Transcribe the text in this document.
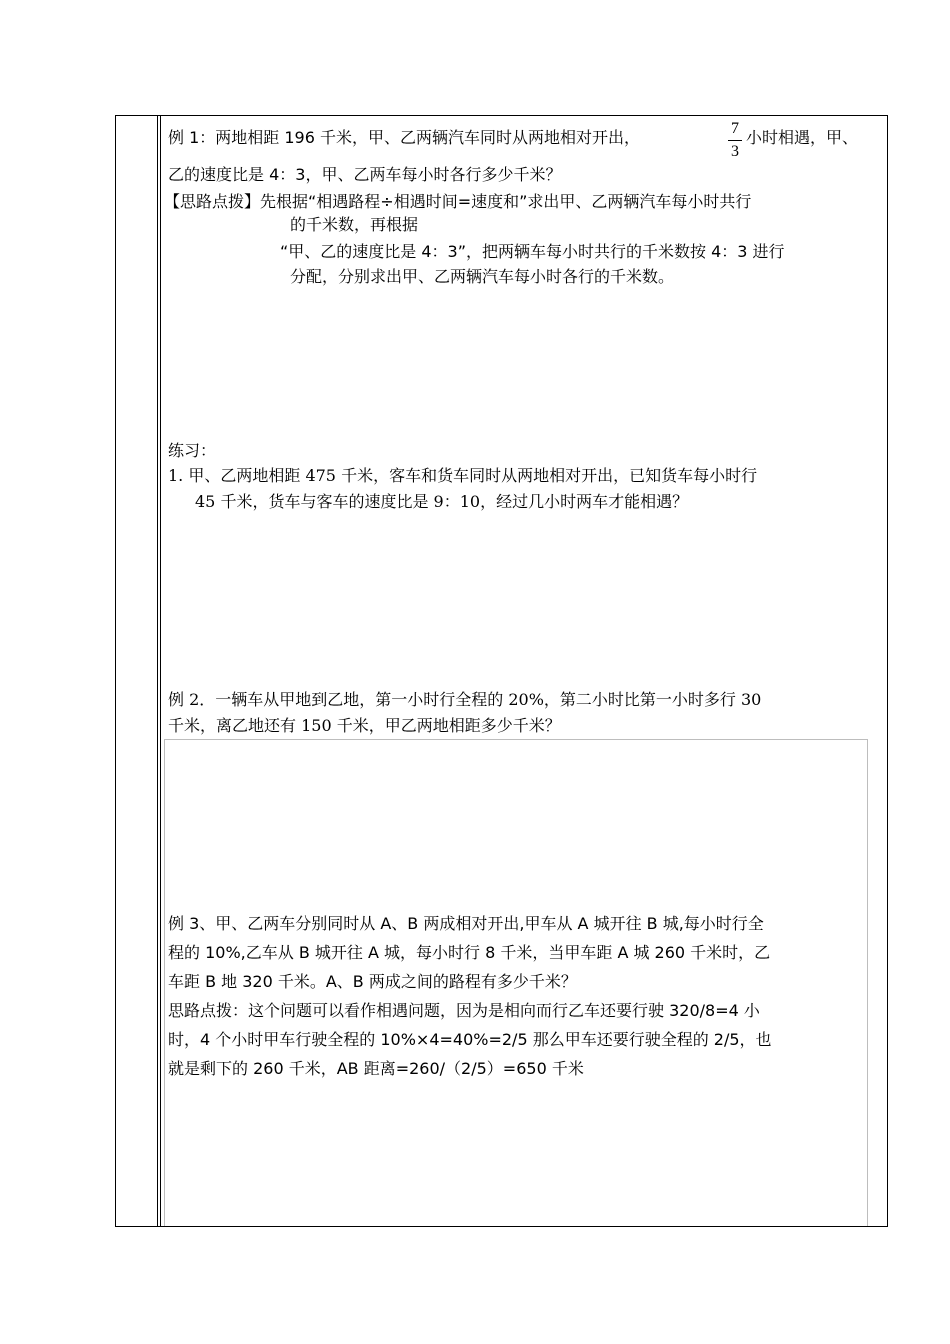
例 1：两地相距 196 千米，甲、乙两辆汽车同时从两地相对开出，	7
3
小时相遇，甲、
乙的速度比是 4：3，甲、乙两车每小时各行多少千米？
【思路点拨】先根据“相遇路程÷相遇时间=速度和”求出甲、乙两辆汽车每小时共行
的千米数，再根据
“甲、乙的速度比是 4：3”，把两辆车每小时共行的千米数按 4：3 进行
分配，分别求出甲、乙两辆汽车每小时各行的千米数。
练习：
1. 甲、乙两地相距 475 千米，客车和货车同时从两地相对开出，已知货车每小时行
45 千米，货车与客车的速度比是 9：10，经过几小时两车才能相遇？
例 2．一辆车从甲地到乙地，第一小时行全程的 20%，第二小时比第一小时多行 30
千米，离乙地还有 150 千米，甲乙两地相距多少千米？
例 3、甲、乙两车分别同时从 A、B 两成相对开出,甲车从 A 城开往 B 城,每小时行全
程的 10%,乙车从 B 城开往 A 城，每小时行 8 千米，当甲车距 A 城 260 千米时，乙
车距 B 地 320 千米。A、B 两成之间的路程有多少千米？
思路点拨：这个问题可以看作相遇问题，因为是相向而行乙车还要行驶 320/8=4 小
时，4 个小时甲车行驶全程的 10%×4=40%=2/5 那么甲车还要行驶全程的 2/5，也
就是剩下的 260 千米，AB 距离=260/（2/5）=650 千米
